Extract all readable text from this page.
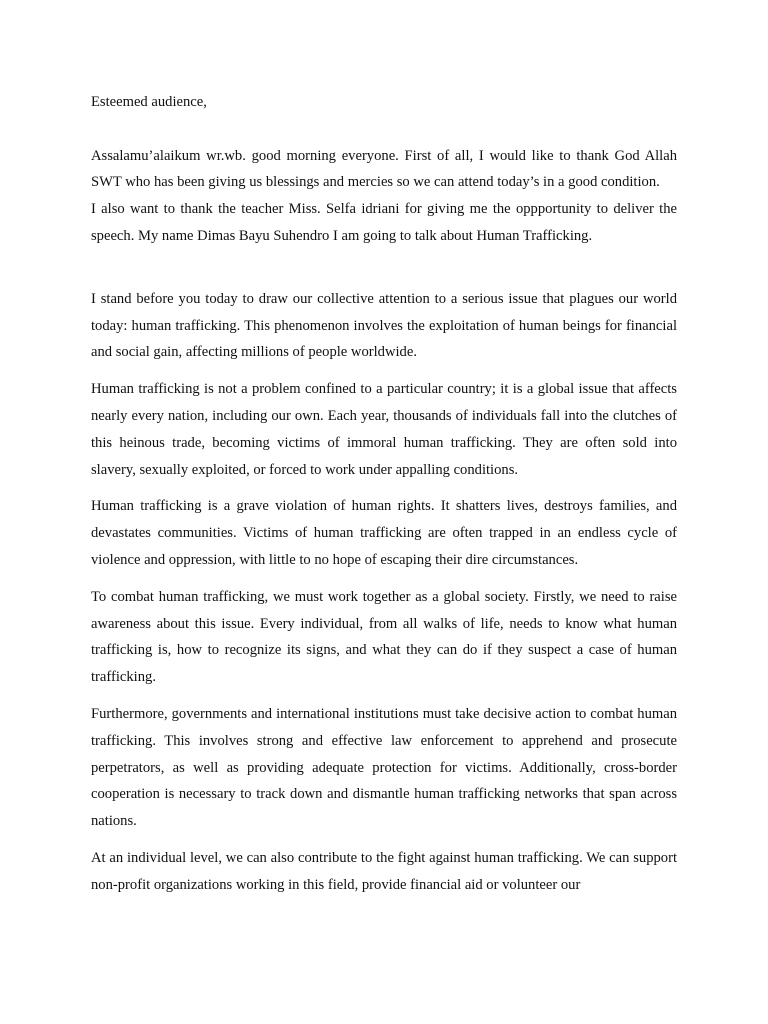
Esteemed audience,

Assalamu’alaikum wr.wb. good morning everyone. First of all, I would like to thank God Allah SWT who has been giving us blessings and mercies so we can attend today’s in a good condition.

I also want to thank the teacher Miss. Selfa idriani for giving me the oppportunity to deliver the speech. My name Dimas Bayu Suhendro I am going to talk about Human Trafficking.

I stand before you today to draw our collective attention to a serious issue that plagues our world today: human trafficking. This phenomenon involves the exploitation of human beings for financial and social gain, affecting millions of people worldwide.

Human trafficking is not a problem confined to a particular country; it is a global issue that affects nearly every nation, including our own. Each year, thousands of individuals fall into the clutches of this heinous trade, becoming victims of immoral human trafficking. They are often sold into slavery, sexually exploited, or forced to work under appalling conditions.

Human trafficking is a grave violation of human rights. It shatters lives, destroys families, and devastates communities. Victims of human trafficking are often trapped in an endless cycle of violence and oppression, with little to no hope of escaping their dire circumstances.

To combat human trafficking, we must work together as a global society. Firstly, we need to raise awareness about this issue. Every individual, from all walks of life, needs to know what human trafficking is, how to recognize its signs, and what they can do if they suspect a case of human trafficking.

Furthermore, governments and international institutions must take decisive action to combat human trafficking. This involves strong and effective law enforcement to apprehend and prosecute perpetrators, as well as providing adequate protection for victims. Additionally, cross-border cooperation is necessary to track down and dismantle human trafficking networks that span across nations.

At an individual level, we can also contribute to the fight against human trafficking. We can support non-profit organizations working in this field, provide financial aid or volunteer our
